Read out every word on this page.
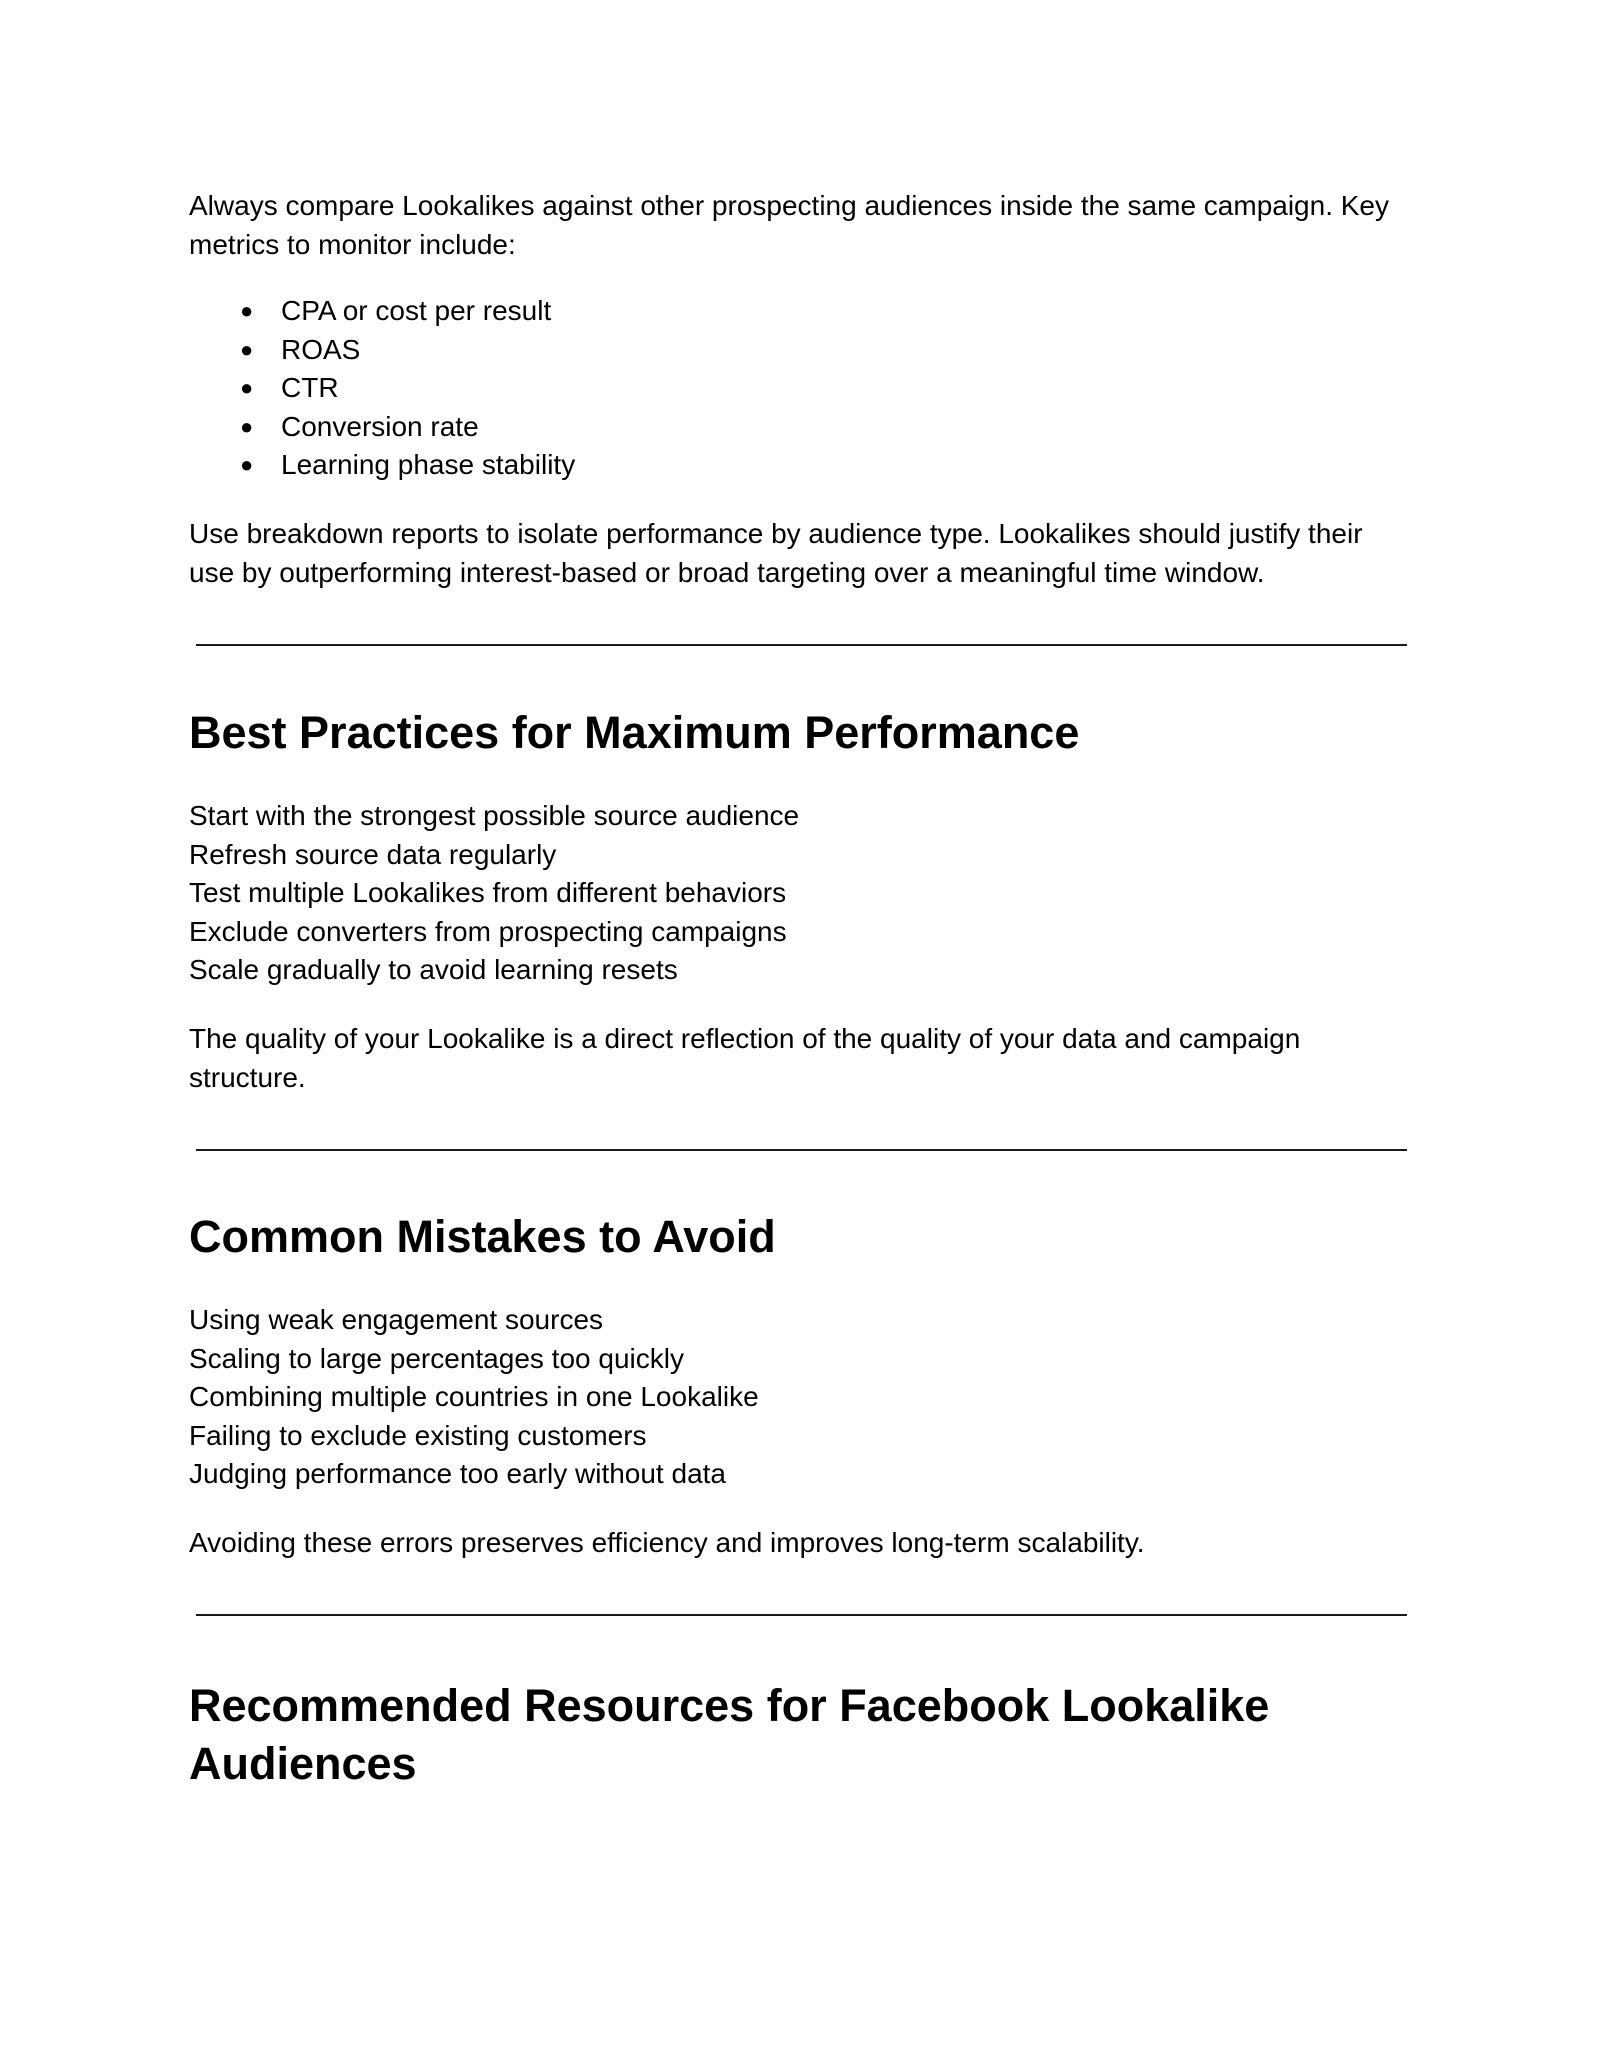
Always compare Lookalikes against other prospecting audiences inside the same campaign. Key metrics to monitor include:

● CPA or cost per result
● ROAS
● CTR
● Conversion rate
● Learning phase stability

Use breakdown reports to isolate performance by audience type. Lookalikes should justify their use by outperforming interest-based or broad targeting over a meaningful time window.

Best Practices for Maximum Performance
Start with the strongest possible source audience
Refresh source data regularly
Test multiple Lookalikes from different behaviors
Exclude converters from prospecting campaigns
Scale gradually to avoid learning resets

The quality of your Lookalike is a direct reflection of the quality of your data and campaign structure.

Common Mistakes to Avoid
Using weak engagement sources
Scaling to large percentages too quickly
Combining multiple countries in one Lookalike
Failing to exclude existing customers
Judging performance too early without data

Avoiding these errors preserves efficiency and improves long-term scalability.

Recommended Resources for Facebook Lookalike Audiences
